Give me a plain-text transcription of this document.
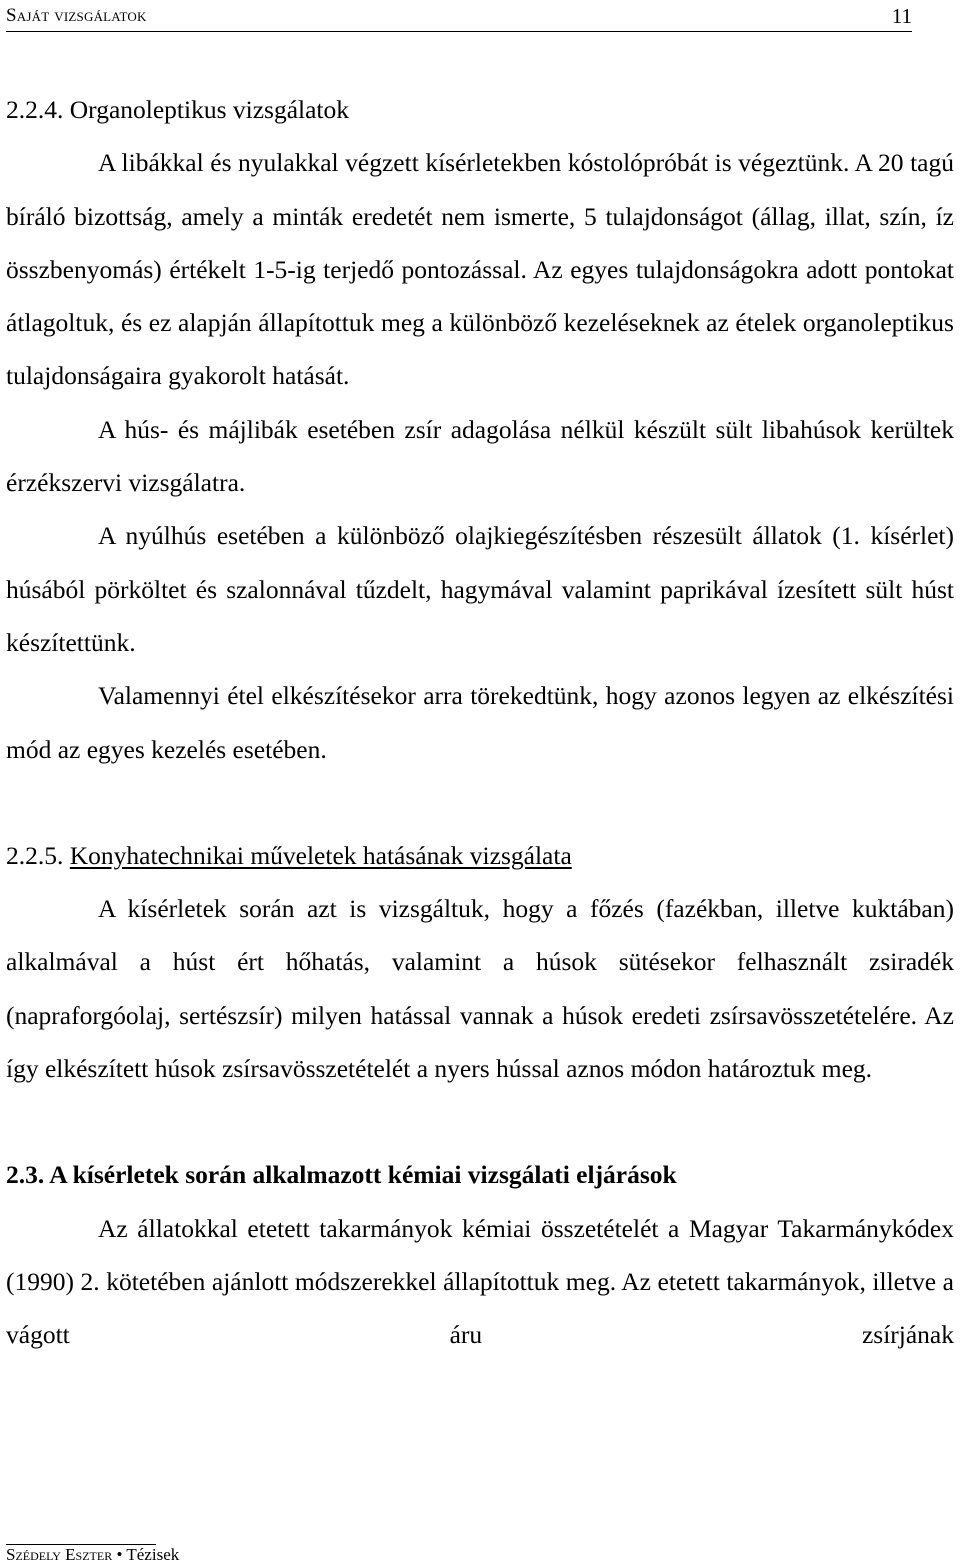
Saját vizsgálatok	11
2.2.4. Organoleptikus vizsgálatok

A libákkal és nyulakkal végzett kísérletekben kóstolópróbát is végeztünk. A 20 tagú bíráló bizottság, amely a minták eredetét nem ismerte, 5 tulajdonságot (állag, illat, szín, íz összbenyomás) értékelt 1-5-ig terjedő pontozással. Az egyes tulajdonságokra adott pontokat átlagoltuk, és ez alapján állapítottuk meg a különböző kezeléseknek az ételek organoleptikus tulajdonságaira gyakorolt hatását.

A hús- és májlibák esetében zsír adagolása nélkül készült sült libahúsok kerültek érzékszervi vizsgálatra.

A nyúlhús esetében a különböző olajkiegészítésben részesült állatok (1. kísérlet) húsából pörköltet és szalonnával tűzdelt, hagymával valamint paprikával ízesített sült húst készítettünk.

Valamennyi étel elkészítésekor arra törekedtünk, hogy azonos legyen az elkészítési mód az egyes kezelés esetében.

2.2.5. Konyhatechnikai műveletek hatásának vizsgálata

A kísérletek során azt is vizsgáltuk, hogy a főzés (fazékban, illetve kuktában) alkalmával a húst ért hőhatás, valamint a húsok sütésekor felhasznált zsiradék (napraforgóolaj, sertészsír) milyen hatással vannak a húsok eredeti zsírsavösszetételére. Az így elkészített húsok zsírsavösszetételét a nyers hússal aznos módon határoztuk meg.

2.3. A kísérletek során alkalmazott kémiai vizsgálati eljárások

Az állatokkal etetett takarmányok kémiai összetételét a Magyar Takarmánykódex (1990) 2. kötetében ajánlott módszerekkel állapítottuk meg. Az etetett takarmányok, illetve a vágott áru zsírjának

Szédely Eszter • Tézisek
